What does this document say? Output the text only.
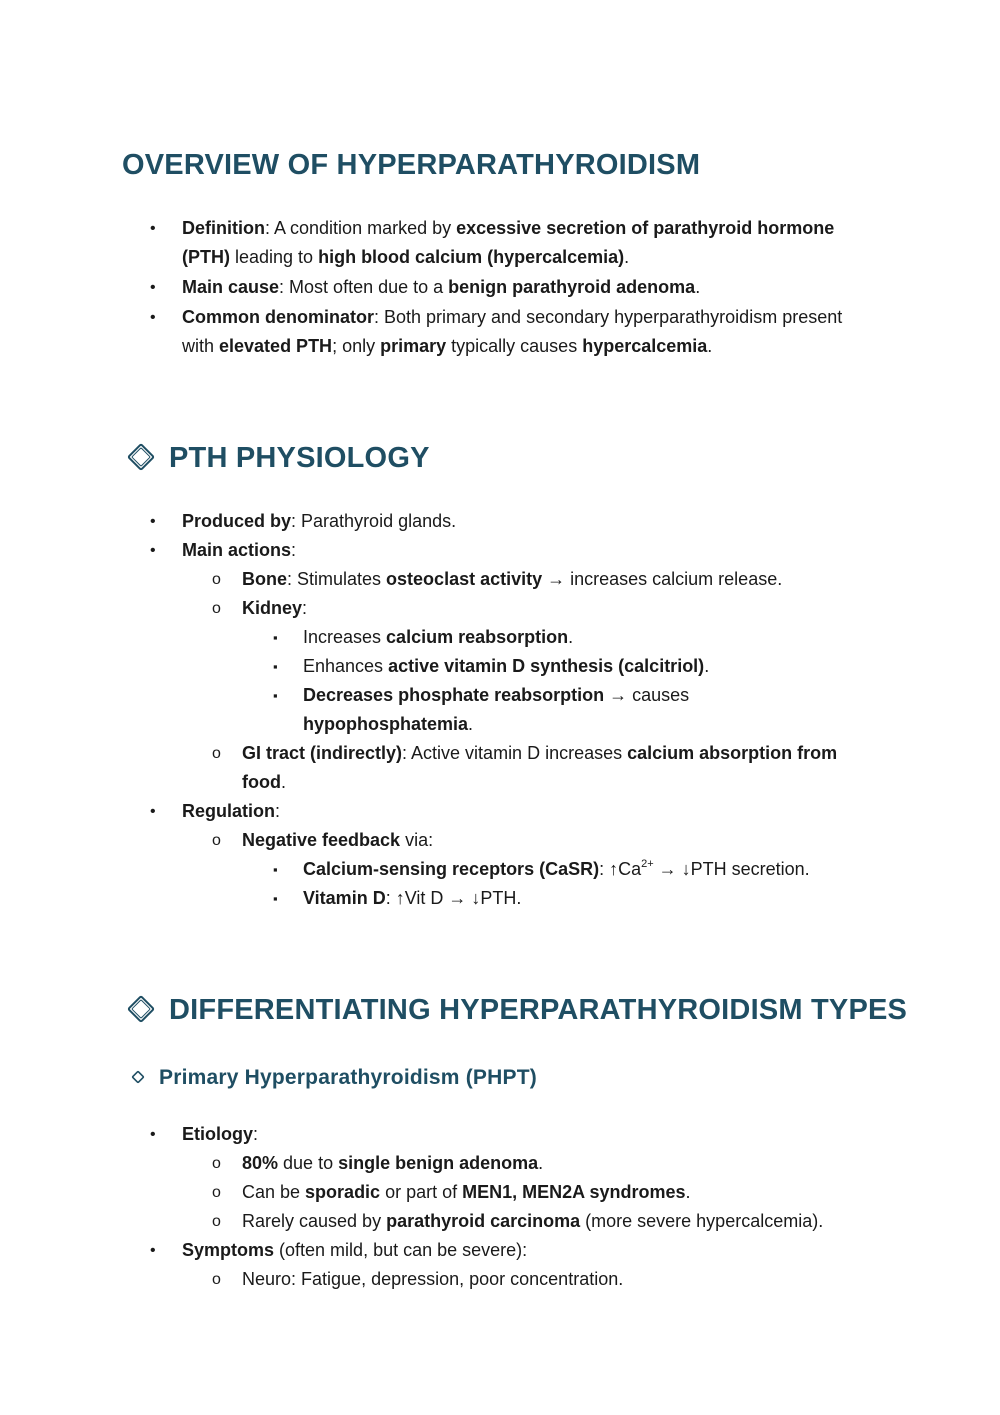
OVERVIEW OF HYPERPARATHYROIDISM
• Definition: A condition marked by excessive secretion of parathyroid hormone (PTH) leading to high blood calcium (hypercalcemia).
• Main cause: Most often due to a benign parathyroid adenoma.
• Common denominator: Both primary and secondary hyperparathyroidism present with elevated PTH; only primary typically causes hypercalcemia.
PTH PHYSIOLOGY
• Produced by: Parathyroid glands.
• Main actions:
o Bone: Stimulates osteoclast activity → increases calcium release.
o Kidney:
▪ Increases calcium reabsorption.
▪ Enhances active vitamin D synthesis (calcitriol).
▪ Decreases phosphate reabsorption → causes hypophosphatemia.
o GI tract (indirectly): Active vitamin D increases calcium absorption from food.
• Regulation:
o Negative feedback via:
▪ Calcium-sensing receptors (CaSR): $↑Ca^{2+}$ → ↓PTH secretion.
▪ Vitamin D: ↑Vit D → ↓PTH.
DIFFERENTIATING HYPERPARATHYROIDISM TYPES
Primary Hyperparathyroidism (PHPT)
• Etiology:
o 80% due to single benign adenoma.
o Can be sporadic or part of MEN1, MEN2A syndromes.
o Rarely caused by parathyroid carcinoma (more severe hypercalcemia).
• Symptoms (often mild, but can be severe):
o Neuro: Fatigue, depression, poor concentration.
